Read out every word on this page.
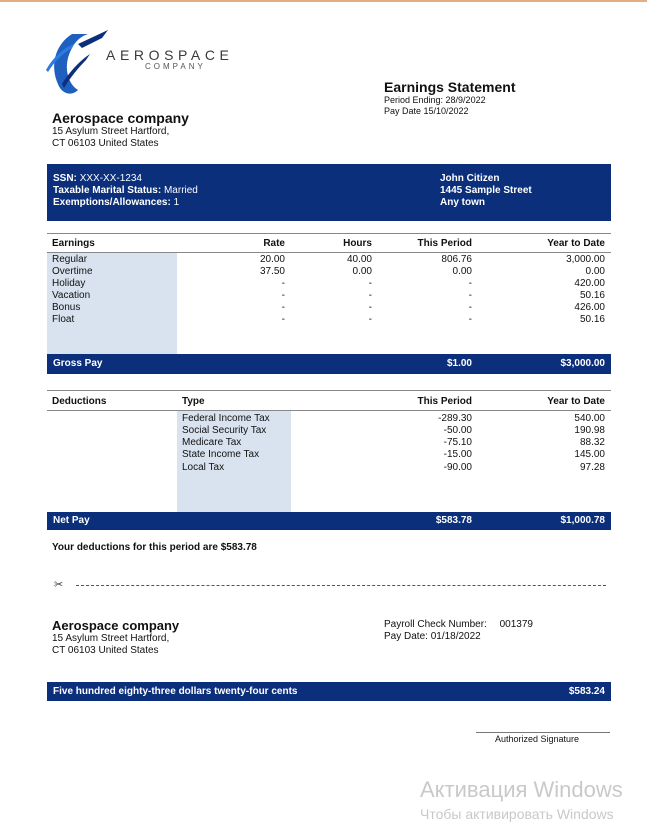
AEROSPACE
COMPANY
Earnings Statement
Period Ending: 28/9/2022
Pay Date 15/10/2022
Aerospace company
15 Asylum Street Hartford,
CT 06103 United States
SSN: XXX-XX-1234
Taxable Marital Status: Married
Exemptions/Allowances: 1
John Citizen
1445 Sample Street
Any town
Earnings	Rate	Hours	This Period	Year to Date
Regular	20.00	40.00	806.76	3,000.00
Overtime	37.50	0.00	0.00	0.00
Holiday	-	-	-	420.00
Vacation	-	-	-	50.16
Bonus	-	-	-	426.00
Float	-	-	-	50.16
Gross Pay	$1.00	$3,000.00
Deductions	Type	This Period	Year to Date
Federal Income Tax	-289.30	540.00
Social Security Tax	-50.00	190.98
Medicare Tax	-75.10	88.32
State Income Tax	-15.00	145.00
Local Tax	-90.00	97.28
Net Pay	$583.78	$1,000.78
Your deductions for this period are $583.78
✂
Aerospace company
15 Asylum Street Hartford,
CT 06103 United States
Payroll Check Number: 001379
Pay Date: 01/18/2022
Five hundred eighty-three dollars twenty-four cents	$583.24
Authorized Signature
Активация Windows
Чтобы активировать Windows
